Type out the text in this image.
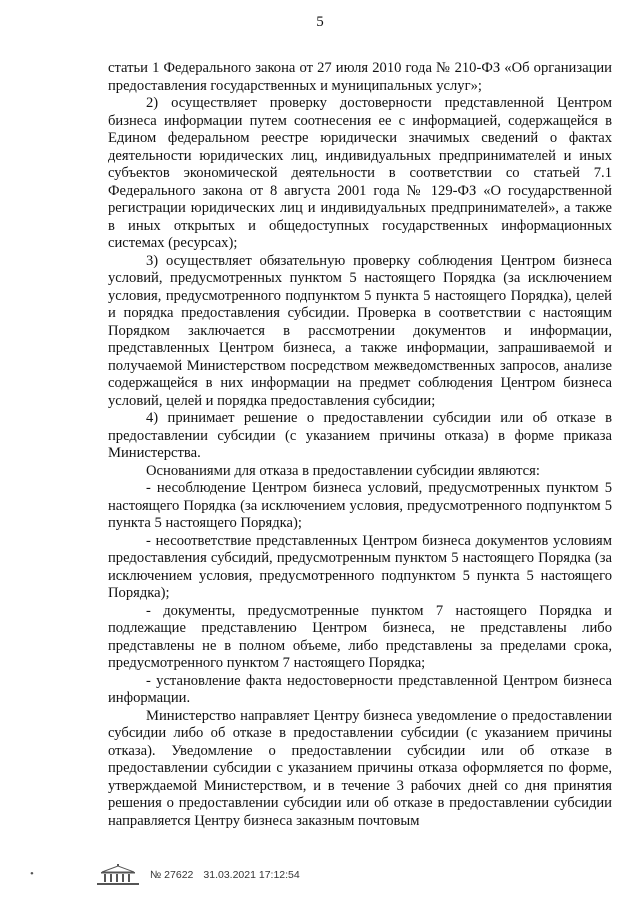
5

статьи 1 Федерального закона от 27 июля 2010 года № 210-ФЗ «Об организации предоставления государственных и муниципальных услуг»;

2) осуществляет проверку достоверности представленной Центром бизнеса информации путем соотнесения ее с информацией, содержащейся в Едином федеральном реестре юридически значимых сведений о фактах деятельности юридических лиц, индивидуальных предпринимателей и иных субъектов экономической деятельности в соответствии со статьей 7.1 Федерального закона от 8 августа 2001 года № 129-ФЗ «О государственной регистрации юридических лиц и индивидуальных предпринимателей», а также в иных открытых и общедоступных государственных информационных системах (ресурсах);

3) осуществляет обязательную проверку соблюдения Центром бизнеса условий, предусмотренных пунктом 5 настоящего Порядка (за исключением условия, предусмотренного подпунктом 5 пункта 5 настоящего Порядка), целей и порядка предоставления субсидии. Проверка в соответствии с настоящим Порядком заключается в рассмотрении документов и информации, представленных Центром бизнеса, а также информации, запрашиваемой и получаемой Министерством посредством межведомственных запросов, анализе содержащейся в них информации на предмет соблюдения Центром бизнеса условий, целей и порядка предоставления субсидии;

4) принимает решение о предоставлении субсидии или об отказе в предоставлении субсидии (с указанием причины отказа) в форме приказа Министерства.

Основаниями для отказа в предоставлении субсидии являются:

- несоблюдение Центром бизнеса условий, предусмотренных пунктом 5 настоящего Порядка (за исключением условия, предусмотренного подпунктом 5 пункта 5 настоящего Порядка);

- несоответствие представленных Центром бизнеса документов условиям предоставления субсидий, предусмотренным пунктом 5 настоящего Порядка (за исключением условия, предусмотренного подпунктом 5 пункта 5 настоящего Порядка);

- документы, предусмотренные пунктом 7 настоящего Порядка и подлежащие представлению Центром бизнеса, не представлены либо представлены не в полном объеме, либо представлены за пределами срока, предусмотренного пунктом 7 настоящего Порядка;

- установление факта недостоверности представленной Центром бизнеса информации.

Министерство направляет Центру бизнеса уведомление о предоставлении субсидии либо об отказе в предоставлении субсидии (с указанием причины отказа). Уведомление о предоставлении субсидии или об отказе в предоставлении субсидии с указанием причины отказа оформляется по форме, утверждаемой Министерством, и в течение 3 рабочих дней со дня принятия решения о предоставлении субсидии или об отказе в предоставлении субсидии направляется Центру бизнеса заказным почтовым

•	№ 27622 31.03.2021 17:12:54
